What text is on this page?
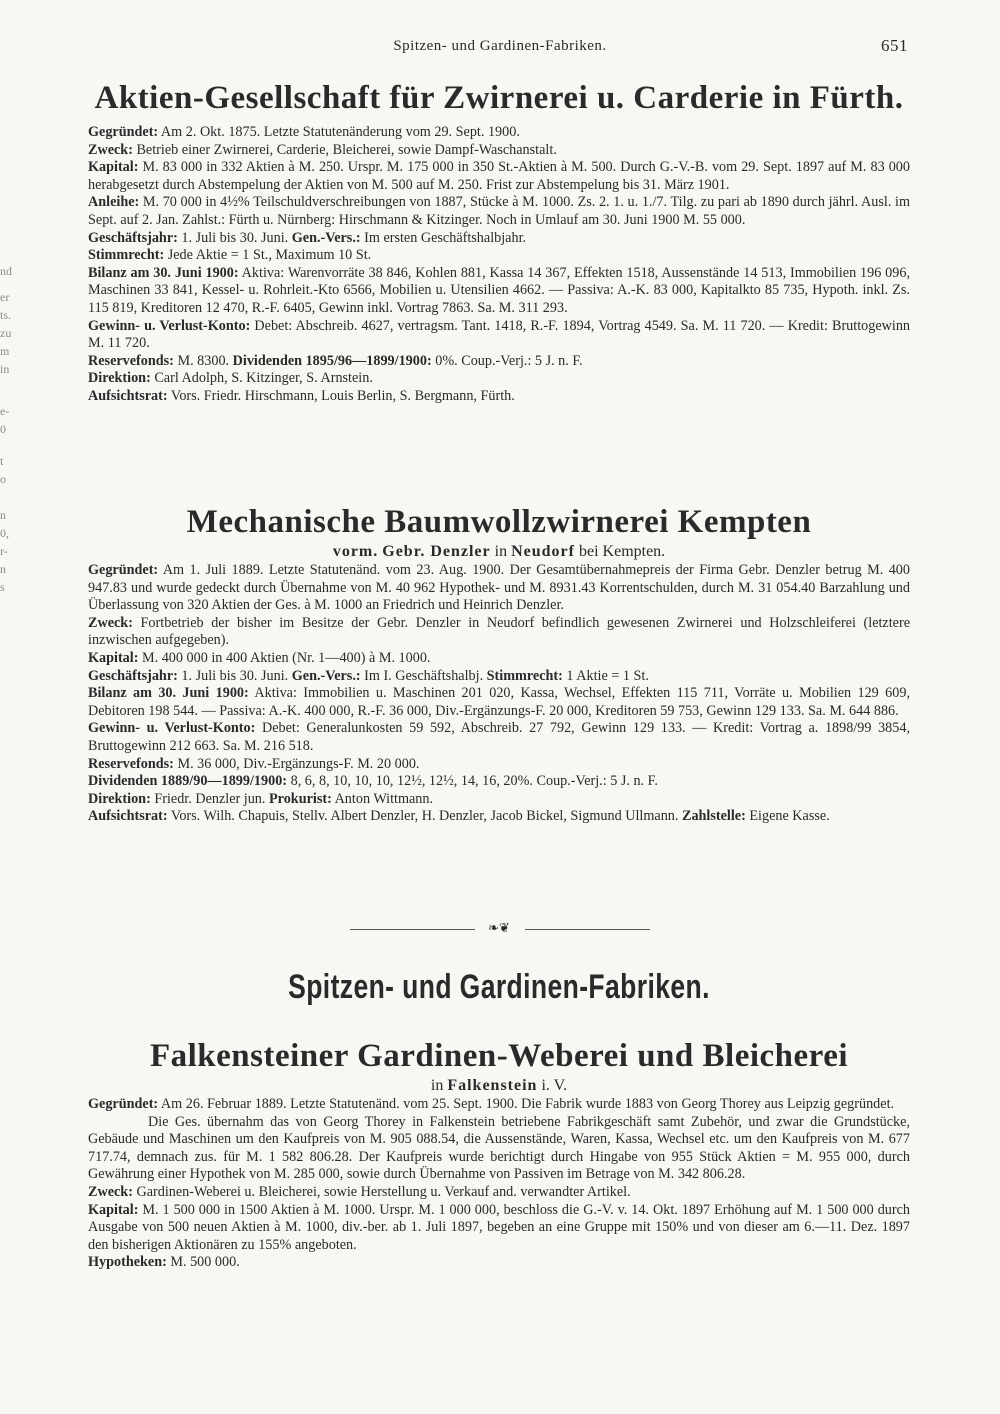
Spitzen- und Gardinen-Fabriken.	651
nd
er
ts.
zu
m
in
e-
0
t
o
n
0,
r-
n
s
Aktien-Gesellschaft für Zwirnerei u. Carderie in Fürth.

Gegründet: Am 2. Okt. 1875. Letzte Statutenänderung vom 29. Sept. 1900.

Zweck: Betrieb einer Zwirnerei, Carderie, Bleicherei, sowie Dampf-Waschanstalt.

Kapital: M. 83 000 in 332 Aktien à M. 250. Urspr. M. 175 000 in 350 St.-Aktien à M. 500. Durch G.-V.-B. vom 29. Sept. 1897 auf M. 83 000 herabgesetzt durch Abstempelung der Aktien von M. 500 auf M. 250. Frist zur Abstempelung bis 31. März 1901.

Anleihe: M. 70 000 in 4½% Teilschuldverschreibungen von 1887, Stücke à M. 1000. Zs. 2. 1. u. 1./7. Tilg. zu pari ab 1890 durch jährl. Ausl. im Sept. auf 2. Jan. Zahlst.: Fürth u. Nürnberg: Hirschmann & Kitzinger. Noch in Umlauf am 30. Juni 1900 M. 55 000.

Geschäftsjahr: 1. Juli bis 30. Juni. Gen.-Vers.: Im ersten Geschäftshalbjahr.

Stimmrecht: Jede Aktie = 1 St., Maximum 10 St.

Bilanz am 30. Juni 1900: Aktiva: Warenvorräte 38 846, Kohlen 881, Kassa 14 367, Effekten 1518, Aussenstände 14 513, Immobilien 196 096, Maschinen 33 841, Kessel- u. Rohrleit.-Kto 6566, Mobilien u. Utensilien 4662. — Passiva: A.-K. 83 000, Kapitalkto 85 735, Hypoth. inkl. Zs. 115 819, Kreditoren 12 470, R.-F. 6405, Gewinn inkl. Vortrag 7863. Sa. M. 311 293.

Gewinn- u. Verlust-Konto: Debet: Abschreib. 4627, vertragsm. Tant. 1418, R.-F. 1894, Vortrag 4549. Sa. M. 11 720. — Kredit: Bruttogewinn M. 11 720.

Reservefonds: M. 8300. Dividenden 1895/96—1899/1900: 0%. Coup.-Verj.: 5 J. n. F.

Direktion: Carl Adolph, S. Kitzinger, S. Arnstein.

Aufsichtsrat: Vors. Friedr. Hirschmann, Louis Berlin, S. Bergmann, Fürth.

Mechanische Baumwollzwirnerei Kempten
vorm. Gebr. Denzler in Neudorf bei Kempten.

Gegründet: Am 1. Juli 1889. Letzte Statutenänd. vom 23. Aug. 1900. Der Gesamtübernahmepreis der Firma Gebr. Denzler betrug M. 400 947.83 und wurde gedeckt durch Übernahme von M. 40 962 Hypothek- und M. 8931.43 Korrentschulden, durch M. 31 054.40 Barzahlung und Überlassung von 320 Aktien der Ges. à M. 1000 an Friedrich und Heinrich Denzler.

Zweck: Fortbetrieb der bisher im Besitze der Gebr. Denzler in Neudorf befindlich gewesenen Zwirnerei und Holzschleiferei (letztere inzwischen aufgegeben).

Kapital: M. 400 000 in 400 Aktien (Nr. 1—400) à M. 1000.

Geschäftsjahr: 1. Juli bis 30. Juni. Gen.-Vers.: Im I. Geschäftshalbj. Stimmrecht: 1 Aktie = 1 St.

Bilanz am 30. Juni 1900: Aktiva: Immobilien u. Maschinen 201 020, Kassa, Wechsel, Effekten 115 711, Vorräte u. Mobilien 129 609, Debitoren 198 544. — Passiva: A.-K. 400 000, R.-F. 36 000, Div.-Ergänzungs-F. 20 000, Kreditoren 59 753, Gewinn 129 133. Sa. M. 644 886.

Gewinn- u. Verlust-Konto: Debet: Generalunkosten 59 592, Abschreib. 27 792, Gewinn 129 133. — Kredit: Vortrag a. 1898/99 3854, Bruttogewinn 212 663. Sa. M. 216 518.

Reservefonds: M. 36 000, Div.-Ergänzungs-F. M. 20 000.

Dividenden 1889/90—1899/1900: 8, 6, 8, 10, 10, 10, 12½, 12½, 14, 16, 20%. Coup.-Verj.: 5 J. n. F.

Direktion: Friedr. Denzler jun. Prokurist: Anton Wittmann.

Aufsichtsrat: Vors. Wilh. Chapuis, Stellv. Albert Denzler, H. Denzler, Jacob Bickel, Sigmund Ullmann. Zahlstelle: Eigene Kasse.

❧❦
Spitzen- und Gardinen-Fabriken.
Falkensteiner Gardinen-Weberei und Bleicherei
in Falkenstein i. V.

Gegründet: Am 26. Februar 1889. Letzte Statutenänd. vom 25. Sept. 1900. Die Fabrik wurde 1883 von Georg Thorey aus Leipzig gegründet.

Die Ges. übernahm das von Georg Thorey in Falkenstein betriebene Fabrikgeschäft samt Zubehör, und zwar die Grundstücke, Gebäude und Maschinen um den Kaufpreis von M. 905 088.54, die Aussenstände, Waren, Kassa, Wechsel etc. um den Kaufpreis von M. 677 717.74, demnach zus. für M. 1 582 806.28. Der Kaufpreis wurde berichtigt durch Hingabe von 955 Stück Aktien = M. 955 000, durch Gewährung einer Hypothek von M. 285 000, sowie durch Übernahme von Passiven im Betrage von M. 342 806.28.

Zweck: Gardinen-Weberei u. Bleicherei, sowie Herstellung u. Verkauf and. verwandter Artikel.

Kapital: M. 1 500 000 in 1500 Aktien à M. 1000. Urspr. M. 1 000 000, beschloss die G.-V. v. 14. Okt. 1897 Erhöhung auf M. 1 500 000 durch Ausgabe von 500 neuen Aktien à M. 1000, div.-ber. ab 1. Juli 1897, begeben an eine Gruppe mit 150% und von dieser am 6.—11. Dez. 1897 den bisherigen Aktionären zu 155% angeboten.

Hypotheken: M. 500 000.
